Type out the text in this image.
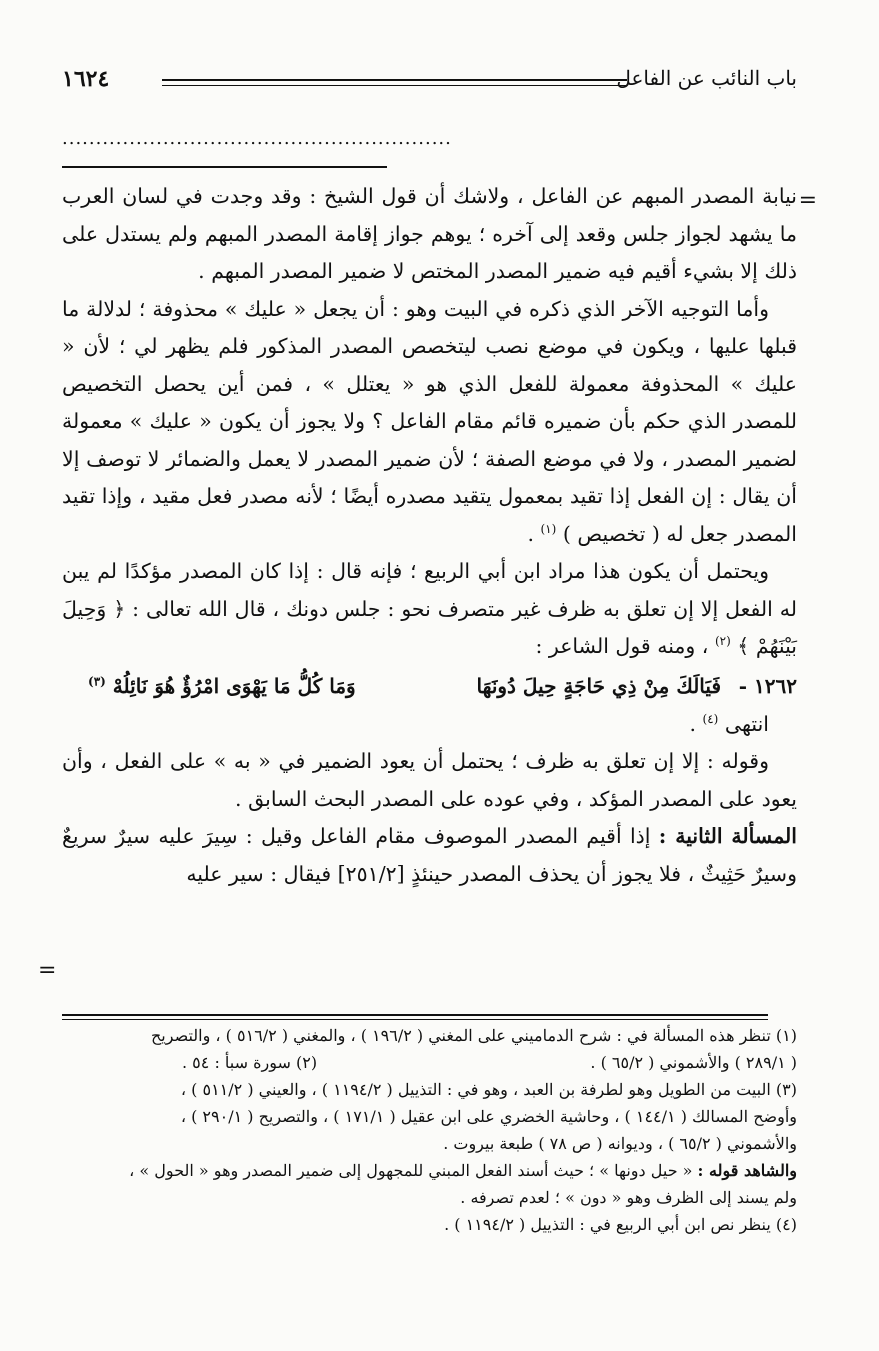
باب النائب عن الفاعل
١٦٢٤
..........................................................
=
=

نيابة المصدر المبهم عن الفاعل ، ولاشك أن قول الشيخ : وقد وجدت في لسان العرب ما يشهد لجواز جلس وقعد إلى آخره ؛ يوهم جواز إقامة المصدر المبهم ولم يستدل على ذلك إلا بشيء أقيم فيه ضمير المصدر المختص لا ضمير المصدر المبهم .

وأما التوجيه الآخر الذي ذكره في البيت وهو : أن يجعل « عليك » محذوفة ؛ لدلالة ما قبلها عليها ، ويكون في موضع نصب ليتخصص المصدر المذكور فلم يظهر لي ؛ لأن « عليك » المحذوفة معمولة للفعل الذي هو « يعتلل » ، فمن أين يحصل التخصيص للمصدر الذي حكم بأن ضميره قائم مقام الفاعل ؟ ولا يجوز أن يكون « عليك » معمولة لضمير المصدر ، ولا في موضع الصفة ؛ لأن ضمير المصدر لا يعمل والضمائر لا توصف إلا أن يقال : إن الفعل إذا تقيد بمعمول يتقيد مصدره أيضًا ؛ لأنه مصدر فعل مقيد ، وإذا تقيد المصدر جعل له ( تخصيص ) $^{(١)}$ .

ويحتمل أن يكون هذا مراد ابن أبي الربيع ؛ فإنه قال : إذا كان المصدر مؤكدًا لم يبن له الفعل إلا إن تعلق به ظرف غير متصرف نحو : جلس دونك ، قال الله تعالى : ﴿ وَحِيلَ بَيْنَهُمْ ﴾ $^{(٢)}$ ، ومنه قول الشاعر :

١٢٦٢ -
فَيَالَكَ مِنْ ذِي حَاجَةٍ حِيلَ دُونَهَا
وَمَا كُلُّ مَا يَهْوَى امْرُؤٌ هُوَ نَائِلُهْ $^{(٣)}$

انتهى $^{(٤)}$ .

وقوله : إلا إن تعلق به ظرف ؛ يحتمل أن يعود الضمير في « به » على الفعل ، وأن يعود على المصدر المؤكد ، وفي عوده على المصدر البحث السابق .

المسألة الثانية : إذا أقيم المصدر الموصوف مقام الفاعل وقيل : سِيرَ عليه سيرٌ سريعٌ وسيرٌ حَثِيثٌ ، فلا يجوز أن يحذف المصدر حينئذٍ [٢٥١/٢] فيقال : سير عليه

(١) تنظر هذه المسألة في : شرح الدماميني على المغني ( ١٩٦/٢ ) ، والمغني ( ٥١٦/٢ ) ، والتصريح

( ٢٨٩/١ ) والأشموني ( ٦٥/٢ ) .
(٢) سورة سبأ : ٥٤ .

(٣) البيت من الطويل وهو لطرفة بن العبد ، وهو في : التذييل ( ١١٩٤/٢ ) ، والعيني ( ٥١١/٢ ) ،

وأوضح المسالك ( ١٤٤/١ ) ، وحاشية الخضري على ابن عقيل ( ١٧١/١ ) ، والتصريح ( ٢٩٠/١ ) ،

والأشموني ( ٦٥/٢ ) ، وديوانه ( ص ٧٨ ) طبعة بيروت .

والشاهد قوله : « حيل دونها » ؛ حيث أسند الفعل المبني للمجهول إلى ضمير المصدر وهو « الحول » ،

ولم يسند إلى الظرف وهو « دون » ؛ لعدم تصرفه .

(٤) ينظر نص ابن أبي الربيع في : التذييل ( ١١٩٤/٢ ) .
